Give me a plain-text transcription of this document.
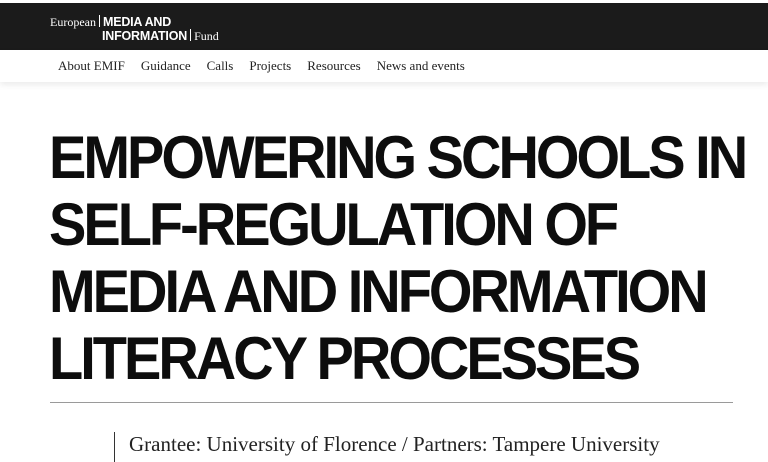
European MEDIA AND
INFORMATION Fund
About EMIF Guidance Calls Projects Resources News and events
EMPOWERING SCHOOLS IN SELF-REGULATION OF MEDIA AND INFORMATION LITERACY PROCESSES
Grantee: University of Florence / Partners: Tampere University
